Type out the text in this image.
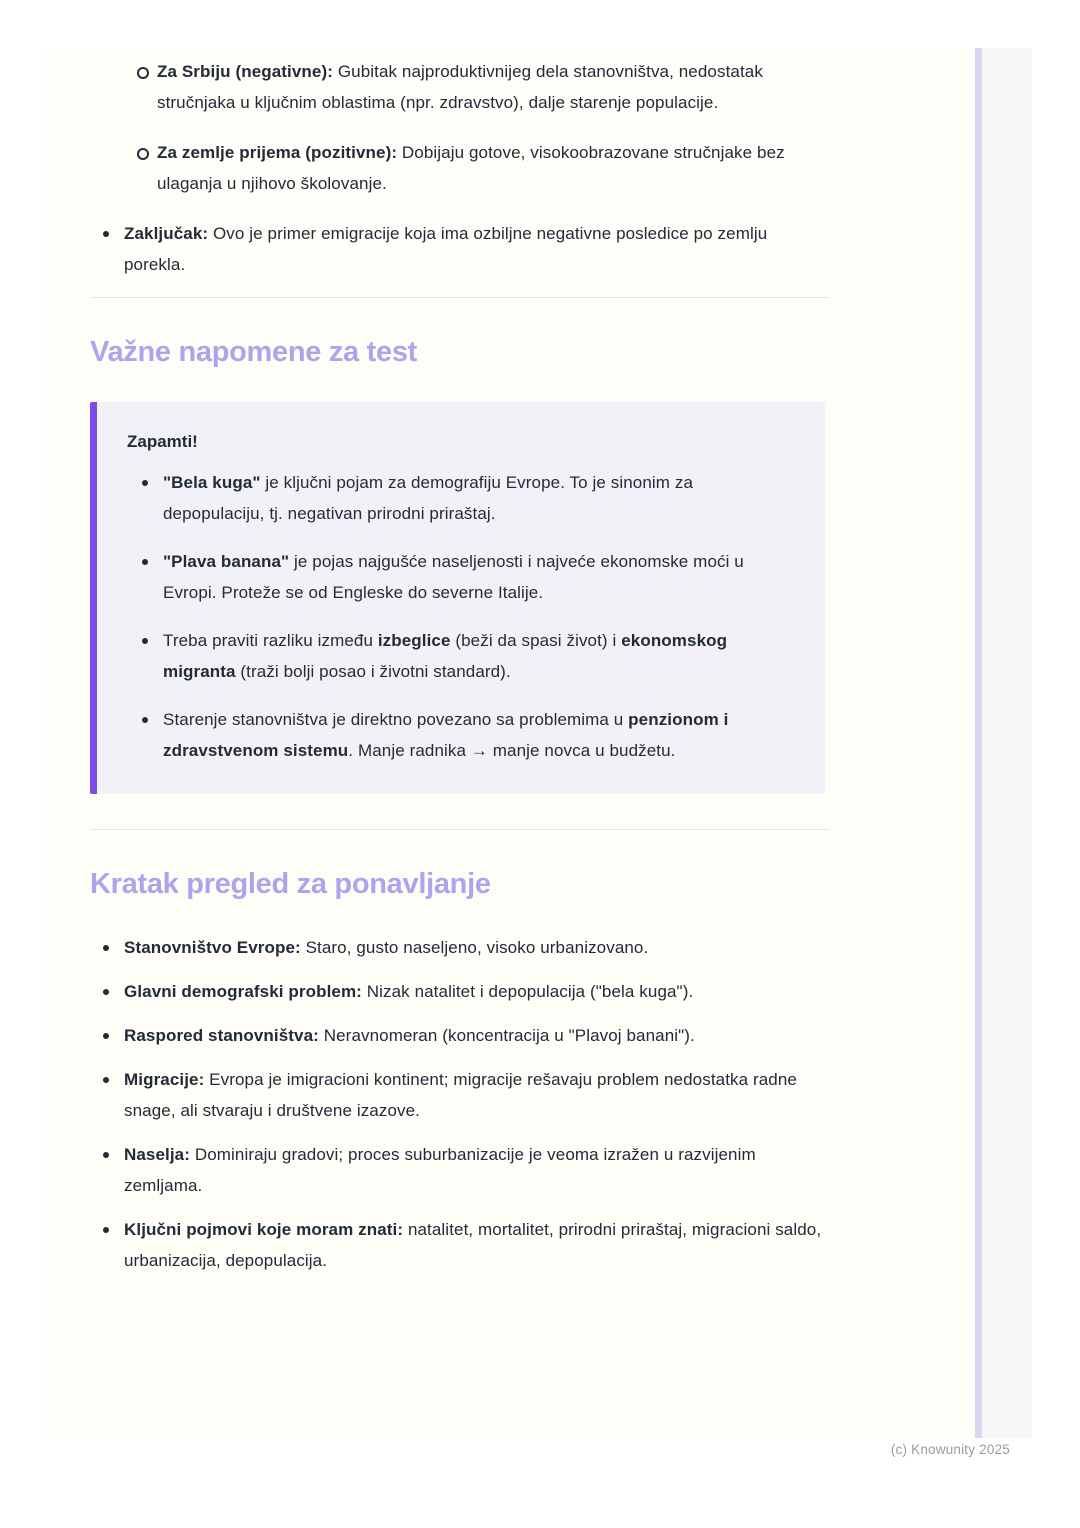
Za Srbiju (negativne): Gubitak najproduktivnijeg dela stanovništva, nedostatak stručnjaka u ključnim oblastima (npr. zdravstvo), dalje starenje populacije.
Za zemlje prijema (pozitivne): Dobijaju gotove, visokoobrazovane stručnjake bez ulaganja u njihovo školovanje.
Zaključak: Ovo je primer emigracije koja ima ozbiljne negativne posledice po zemlju porekla.
Važne napomene za test

Zapamti!

"Bela kuga" je ključni pojam za demografiju Evrope. To je sinonim za depopulaciju, tj. negativan prirodni priraštaj.
"Plava banana" je pojas najgušće naseljenosti i najveće ekonomske moći u Evropi. Proteže se od Engleske do severne Italije.
Treba praviti razliku između izbeglice (beži da spasi život) i ekonomskog migranta (traži bolji posao i životni standard).
Starenje stanovništva je direktno povezano sa problemima u penzionom i zdravstvenom sistemu. Manje radnika → manje novca u budžetu.
Kratak pregled za ponavljanje
Stanovništvo Evrope: Staro, gusto naseljeno, visoko urbanizovano.
Glavni demografski problem: Nizak natalitet i depopulacija ("bela kuga").
Raspored stanovništva: Neravnomeran (koncentracija u "Plavoj banani").
Migracije: Evropa je imigracioni kontinent; migracije rešavaju problem nedostatka radne snage, ali stvaraju i društvene izazove.
Naselja: Dominiraju gradovi; proces suburbanizacije je veoma izražen u razvijenim zemljama.
Ključni pojmovi koje moram znati: natalitet, mortalitet, prirodni priraštaj, migracioni saldo, urbanizacija, depopulacija.
(c) Knowunity 2025
